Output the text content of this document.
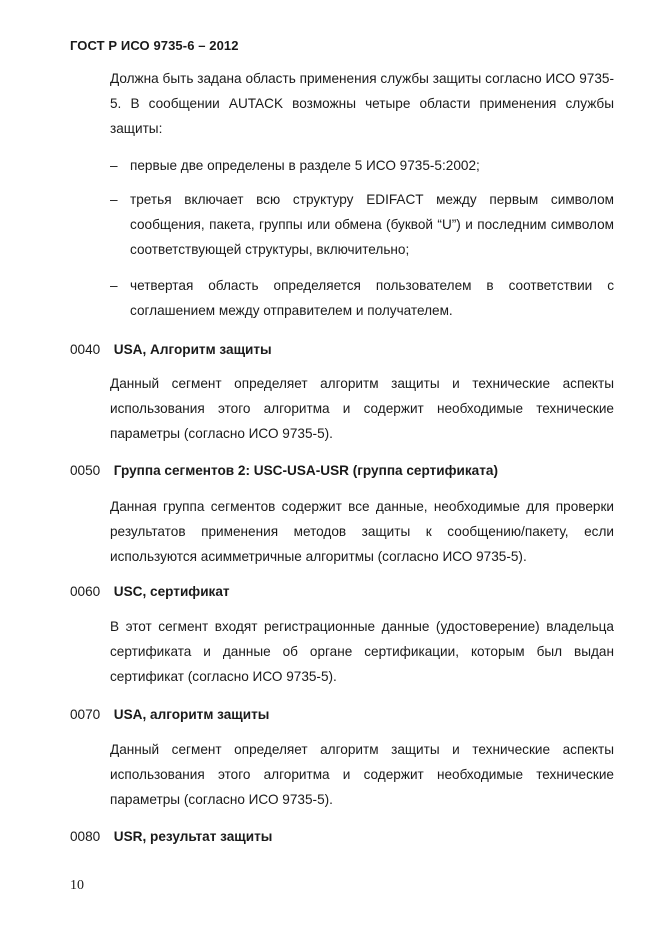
ГОСТ Р ИСО 9735-6 – 2012
Должна быть задана область применения службы защиты согласно ИСО 9735-5. В сообщении AUTACK возможны четыре области применения службы защиты:
– первые две определены в разделе 5 ИСО 9735-5:2002;
– третья включает всю структуру EDIFACT между первым символом сообщения, пакета, группы или обмена (буквой “U”) и последним символом соответствующей структуры, включительно;
– четвертая область определяется пользователем в соответствии с соглашением между отправителем и получателем.
0040 USA, Алгоритм защиты
Данный сегмент определяет алгоритм защиты и технические аспекты использования этого алгоритма и содержит необходимые технические параметры (согласно ИСО 9735-5).
0050 Группа сегментов 2: USC-USA-USR (группа сертификата)
Данная группа сегментов содержит все данные, необходимые для проверки результатов применения методов защиты к сообщению/пакету, если используются асимметричные алгоритмы (согласно ИСО 9735-5).
0060 USC, сертификат
В этот сегмент входят регистрационные данные (удостоверение) владельца сертификата и данные об органе сертификации, которым был выдан сертификат (согласно ИСО 9735-5).
0070 USA, алгоритм защиты
Данный сегмент определяет алгоритм защиты и технические аспекты использования этого алгоритма и содержит необходимые технические параметры (согласно ИСО 9735-5).
0080 USR, результат защиты
10
